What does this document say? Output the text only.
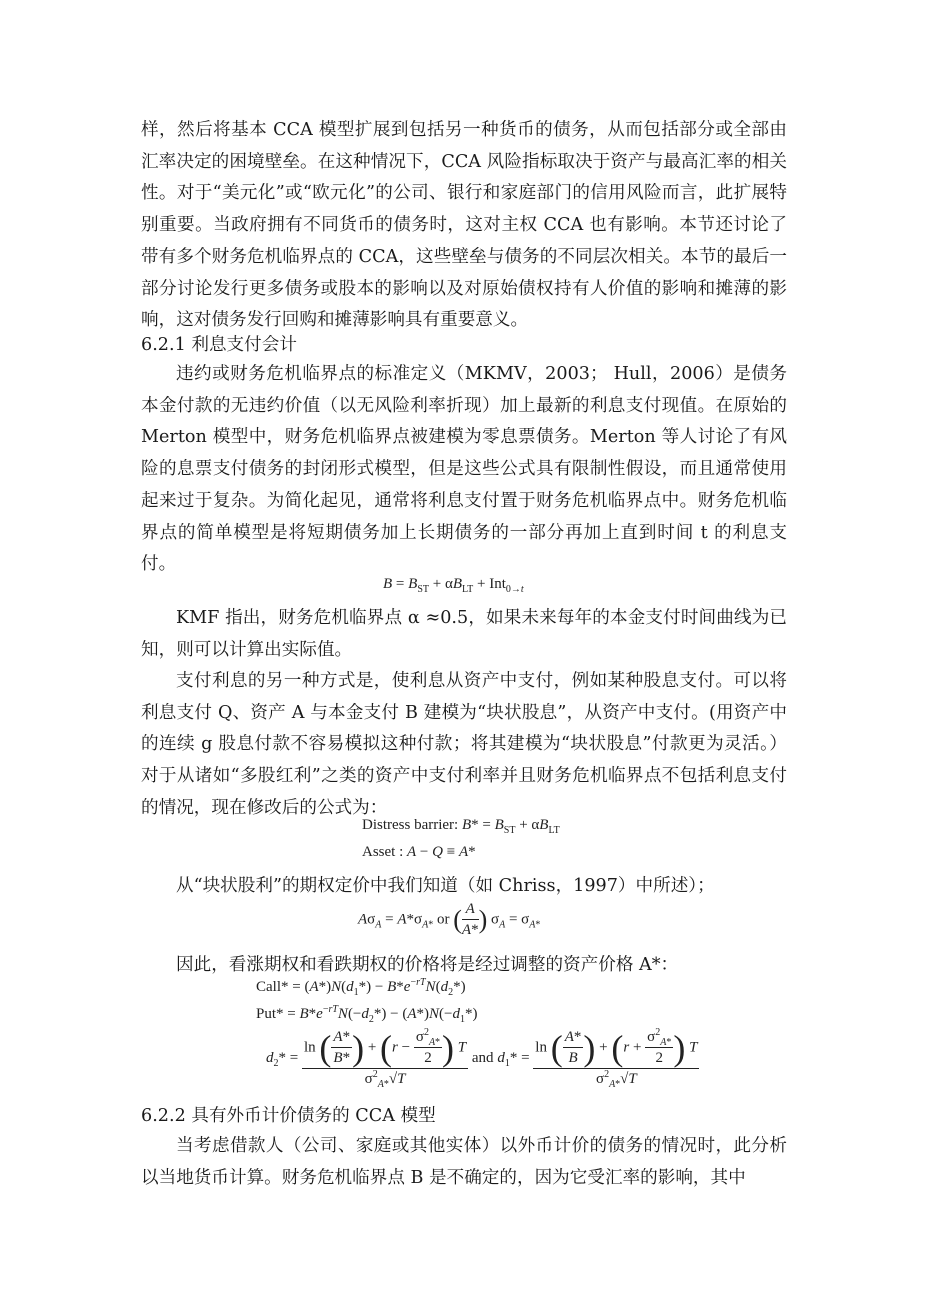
样，然后将基本 CCA 模型扩展到包括另一种货币的债务，从而包括部分或全部由汇率决定的困境壁垒。在这种情况下，CCA 风险指标取决于资产与最高汇率的相关性。对于“美元化”或“欧元化”的公司、银行和家庭部门的信用风险而言，此扩展特别重要。当政府拥有不同货币的债务时，这对主权 CCA 也有影响。本节还讨论了带有多个财务危机临界点的 CCA，这些壁垒与债务的不同层次相关。本节的最后一部分讨论发行更多债务或股本的影响以及对原始债权持有人价值的影响和摊薄的影响，这对债务发行回购和摊薄影响具有重要意义。
6.2.1 利息支付会计
违约或财务危机临界点的标准定义（MKMV，2003； Hull，2006）是债务本金付款的无违约价值（以无风险利率折现）加上最新的利息支付现值。在原始的 Merton 模型中，财务危机临界点被建模为零息票债务。Merton 等人讨论了有风险的息票支付债务的封闭形式模型，但是这些公式具有限制性假设，而且通常使用起来过于复杂。为简化起见，通常将利息支付置于财务危机临界点中。财务危机临界点的简单模型是将短期债务加上长期债务的一部分再加上直到时间 t 的利息支付。
$B = B_{ST} + \alpha B_{LT} + Int_{0\to t}$
KMF 指出，财务危机临界点 α ≈0.5，如果未来每年的本金支付时间曲线为已知，则可以计算出实际值。
支付利息的另一种方式是，使利息从资产中支付，例如某种股息支付。可以将利息支付 Q、资产 A 与本金支付 B 建模为“块状股息”，从资产中支付。(用资产中的连续 g 股息付款不容易模拟这种付款；将其建模为“块状股息”付款更为灵活。）对于从诸如“多股红利”之类的资产中支付利率并且财务危机临界点不包括利息支付的情况，现在修改后的公式为：
Distress barrier: $B* = B_{ST} + \alpha B_{LT}$
Asset : A − Q ≡ A*
从“块状股利”的期权定价中我们知道（如 Chriss，1997）中所述）；
$A\sigma_A = A*\sigma_{A*}$ or ( $\frac{A}{A*}$ ) $\sigma_A = \sigma_{A*}$
因此，看涨期权和看跌期权的价格将是经过调整的资产价格 A*：
Call* = $(A*)N(d_1*) - B*e^{-rT}N(d_2*)$
$Put* = B*e^{-rT}N(-d_2*) - (A*)N(-d_1*)$
$d_2* = \frac{\ln ( \frac{A*}{B*} ) + (r - \frac{\sigma^2_{A*}}{2} ) T}{\sigma^2_{A*}√T}$ and $d_1* = \frac{\ln ( \frac{A*}{B} ) + (r + \frac{\sigma^2_{A*}}{2} ) T}{\sigma^2_{A*}√T}$
6.2.2 具有外币计价债务的 CCA 模型
当考虑借款人（公司、家庭或其他实体）以外币计价的债务的情况时，此分析以当地货币计算。财务危机临界点 B 是不确定的，因为它受汇率的影响，其中
